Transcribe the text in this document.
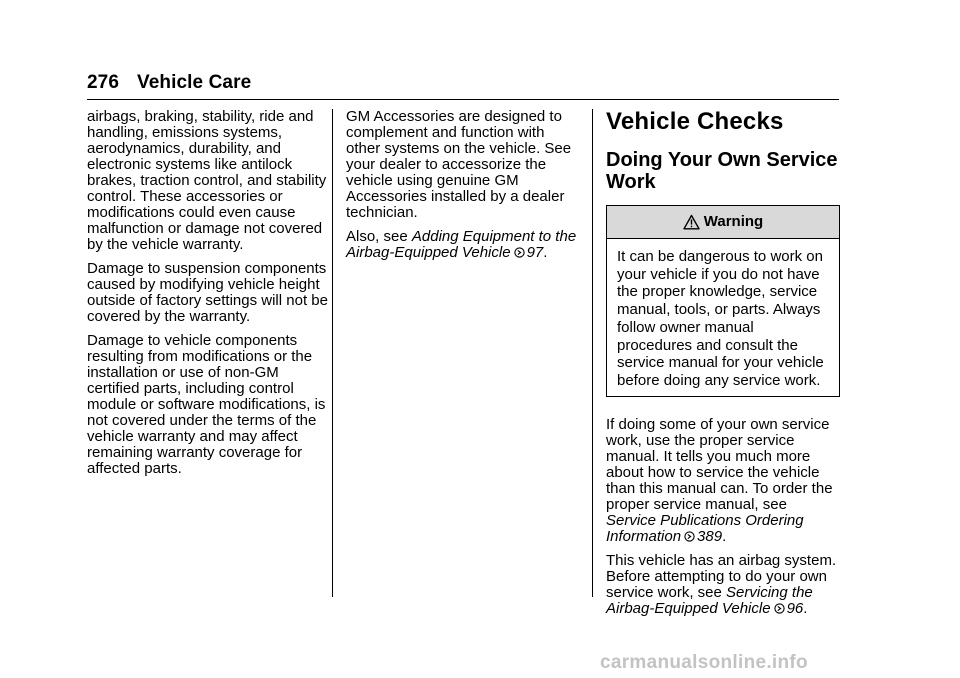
276 Vehicle Care

airbags, braking, stability, ride and handling, emissions systems, aerodynamics, durability, and electronic systems like antilock brakes, traction control, and stability control. These accessories or modifications could even cause malfunction or damage not covered by the vehicle warranty.

Damage to suspension components caused by modifying vehicle height outside of factory settings will not be covered by the warranty.

Damage to vehicle components resulting from modifications or the installation or use of non-GM certified parts, including control module or software modifications, is not covered under the terms of the vehicle warranty and may affect remaining warranty coverage for affected parts.

GM Accessories are designed to complement and function with other systems on the vehicle. See your dealer to accessorize the vehicle using genuine GM Accessories installed by a dealer technician.

Also, see Adding Equipment to the Airbag-Equipped Vehicle 97.

Vehicle Checks
Doing Your Own Service Work
Warning
It can be dangerous to work on your vehicle if you do not have the proper knowledge, service manual, tools, or parts. Always follow owner manual procedures and consult the service manual for your vehicle before doing any service work.

If doing some of your own service work, use the proper service manual. It tells you much more about how to service the vehicle than this manual can. To order the proper service manual, see Service Publications Ordering Information 389.

This vehicle has an airbag system. Before attempting to do your own service work, see Servicing the Airbag-Equipped Vehicle 96.

carmanualsonline.info
